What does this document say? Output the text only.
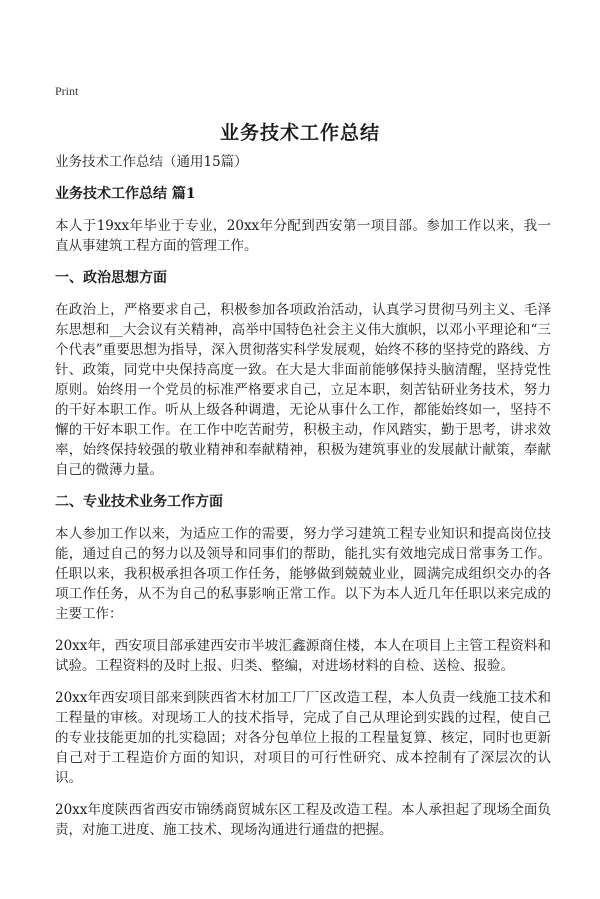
Print
业务技术工作总结

业务技术工作总结（通用15篇）

业务技术工作总结 篇1

本人于19xx年毕业于专业，20xx年分配到西安第一项目部。参加工作以来，我一直从事建筑工程方面的管理工作。

一、政治思想方面

在政治上，严格要求自己，积极参加各项政治活动，认真学习贯彻马列主义、毛泽东思想和__大会议有关精神，高举中国特色社会主义伟大旗帜，以邓小平理论和“三个代表”重要思想为指导，深入贯彻落实科学发展观，始终不移的坚持党的路线、方针、政策，同党中央保持高度一致。在大是大非面前能够保持头脑清醒，坚持党性原则。始终用一个党员的标准严格要求自己，立足本职，刻苦钻研业务技术，努力的干好本职工作。听从上级各种调遣，无论从事什么工作，都能始终如一，坚持不懈的干好本职工作。在工作中吃苦耐劳，积极主动，作风踏实，勤于思考，讲求效率，始终保持较强的敬业精神和奉献精神，积极为建筑事业的发展献计献策，奉献自己的微薄力量。

二、专业技术业务工作方面

本人参加工作以来，为适应工作的需要，努力学习建筑工程专业知识和提高岗位技能，通过自己的努力以及领导和同事们的帮助，能扎实有效地完成日常事务工作。任职以来，我积极承担各项工作任务，能够做到兢兢业业，圆满完成组织交办的各项工作任务，从不为自己的私事影响正常工作。以下为本人近几年任职以来完成的主要工作：

20xx年，西安项目部承建西安市半坡汇鑫源商住楼，本人在项目上主管工程资料和试验。工程资料的及时上报、归类、整编，对进场材料的自检、送检、报验。

20xx年西安项目部来到陕西省木材加工厂厂区改造工程，本人负责一线施工技术和工程量的审核。对现场工人的技术指导，完成了自己从理论到实践的过程，使自己的专业技能更加的扎实稳固；对各分包单位上报的工程量复算、核定，同时也更新自己对于工程造价方面的知识，对项目的可行性研究、成本控制有了深层次的认识。

20xx年度陕西省西安市锦绣商贸城东区工程及改造工程。本人承担起了现场全面负责，对施工进度、施工技术、现场沟通进行通盘的把握。
